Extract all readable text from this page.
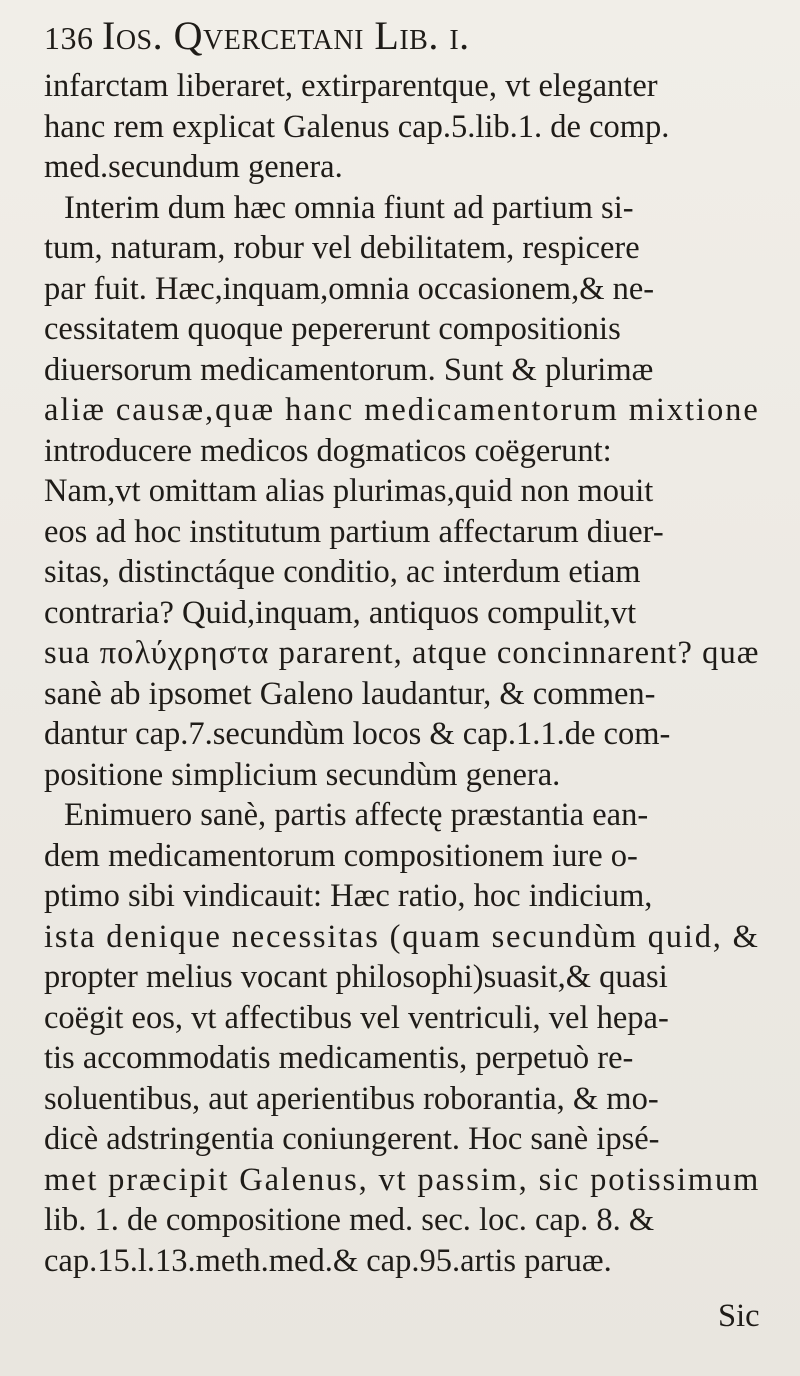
136 Ios. Qvercetani Lib. i.
infarctam liberaret, extirparentque, vt eleganter
hanc rem explicat Galenus cap.5.lib.1. de comp.
med.secundum genera.
Interim dum hæc omnia fiunt ad partium si-
tum, naturam, robur vel debilitatem, respicere
par fuit. Hæc,inquam,omnia occasionem,& ne-
cessitatem quoque pepererunt compositionis
diuersorum medicamentorum. Sunt & plurimæ
aliæ causæ,quæ hanc medicamentorum mixtione
introducere medicos dogmaticos coëgerunt:
Nam,vt omittam alias plurimas,quid non mouit
eos ad hoc institutum partium affectarum diuer-
sitas, distinctáque conditio, ac interdum etiam
contraria? Quid,inquam, antiquos compulit,vt
sua πολύχρηστα pararent, atque concinnarent? quæ
sanè ab ipsomet Galeno laudantur, & commen-
dantur cap.7.secundùm locos & cap.1.1.de com-
positione simplicium secundùm genera.
Enimuero sanè, partis affectę præstantia ean-
dem medicamentorum compositionem iure o-
ptimo sibi vindicauit: Hæc ratio, hoc indicium,
ista denique necessitas (quam secundùm quid, &
propter melius vocant philosophi)suasit,& quasi
coëgit eos, vt affectibus vel ventriculi, vel hepa-
tis accommodatis medicamentis, perpetuò re-
soluentibus, aut aperientibus roborantia, & mo-
dicè adstringentia coniungerent. Hoc sanè ipsé-
met præcipit Galenus, vt passim, sic potissimum
lib. 1. de compositione med. sec. loc. cap. 8. &
cap.15.l.13.meth.med.& cap.95.artis paruæ.
Sic
